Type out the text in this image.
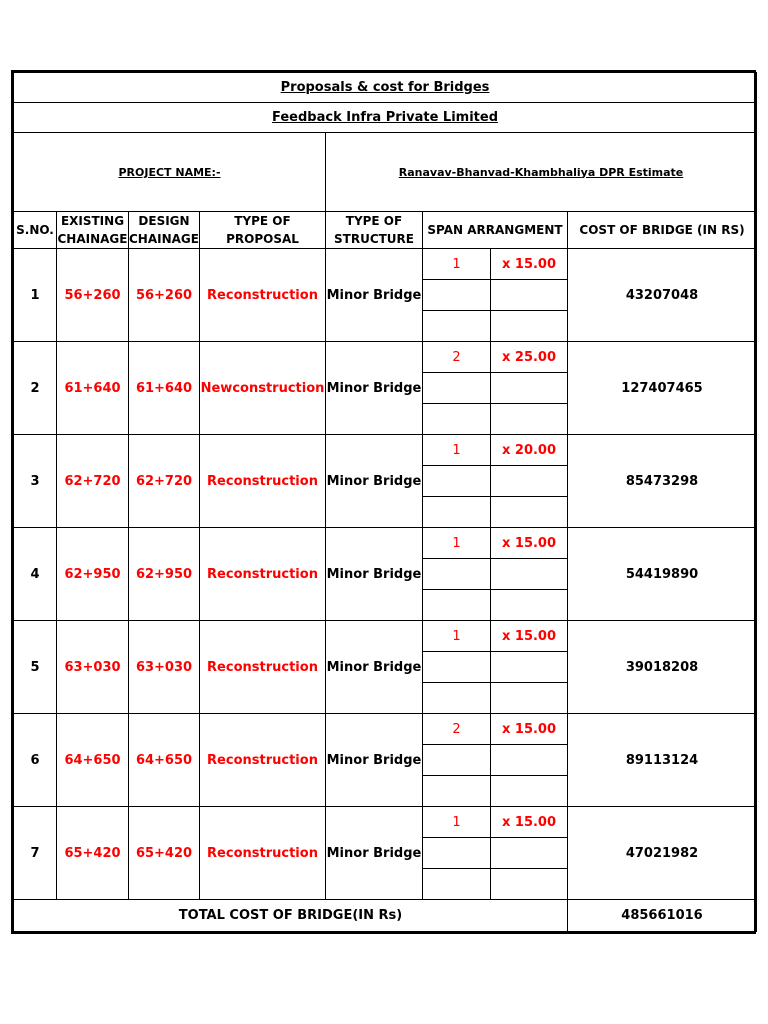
Proposals & cost for Bridges							
Feedback Infra Private Limited							
PROJECT NAME:-				Ranavav-Bhanvad-Khambhaliya DPR Estimate			
S.NO.	EXISTING CHAINAGE	DESIGN CHAINAGE	TYPE OF PROPOSAL	TYPE OF STRUCTURE	SPAN ARRANGMENT		COST OF BRIDGE (IN RS)
1	56+260	56+260	Reconstruction	Minor Bridge	1	x 15.00	43207048

2	61+640	61+640	Newconstruction	Minor Bridge	2	x 25.00	127407465

3	62+720	62+720	Reconstruction	Minor Bridge	1	x 20.00	85473298

4	62+950	62+950	Reconstruction	Minor Bridge	1	x 15.00	54419890

5	63+030	63+030	Reconstruction	Minor Bridge	1	x 15.00	39018208

6	64+650	64+650	Reconstruction	Minor Bridge	2	x 15.00	89113124

7	65+420	65+420	Reconstruction	Minor Bridge	1	x 15.00	47021982

TOTAL COST OF BRIDGE(IN Rs)							485661016
